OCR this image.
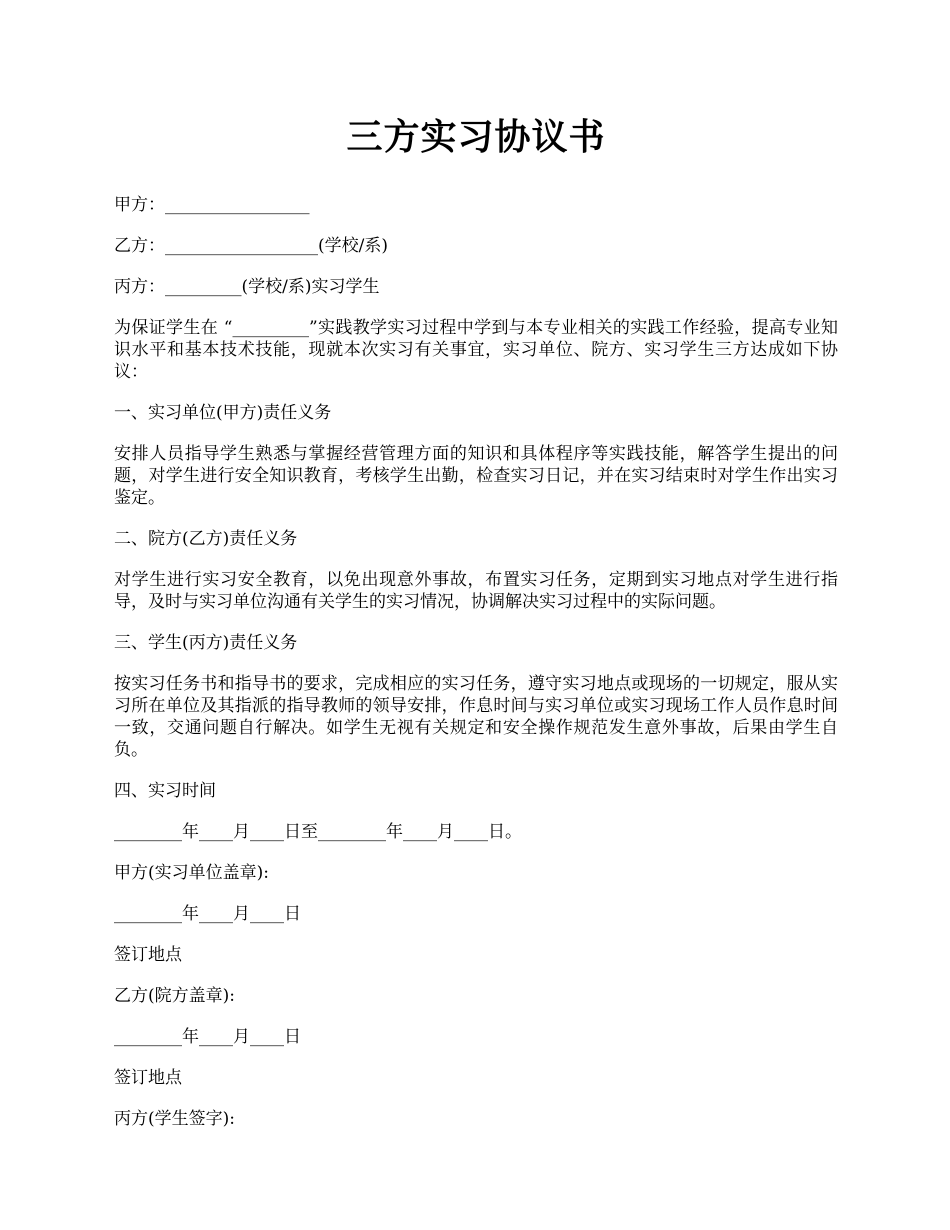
三方实习协议书
甲方：_________________
乙方：__________________(学校/系)
丙方：_________(学校/系)实习学生
为保证学生在 “_________”实践教学实习过程中学到与本专业相关的实践工作经验，提高专业知识水平和基本技术技能，现就本次实习有关事宜，实习单位、院方、实习学生三方达成如下协议：
一、实习单位(甲方)责任义务
安排人员指导学生熟悉与掌握经营管理方面的知识和具体程序等实践技能，解答学生提出的问题，对学生进行安全知识教育，考核学生出勤，检查实习日记，并在实习结束时对学生作出实习鉴定。
二、院方(乙方)责任义务
对学生进行实习安全教育，以免出现意外事故，布置实习任务，定期到实习地点对学生进行指导，及时与实习单位沟通有关学生的实习情况，协调解决实习过程中的实际问题。
三、学生(丙方)责任义务
按实习任务书和指导书的要求，完成相应的实习任务，遵守实习地点或现场的一切规定，服从实习所在单位及其指派的指导教师的领导安排，作息时间与实习单位或实习现场工作人员作息时间一致，交通问题自行解决。如学生无视有关规定和安全操作规范发生意外事故，后果由学生自负。
四、实习时间
________年____月____日至________年____月____日。
甲方(实习单位盖章):
________年____月____日
签订地点
乙方(院方盖章):
________年____月____日
签订地点
丙方(学生签字):
